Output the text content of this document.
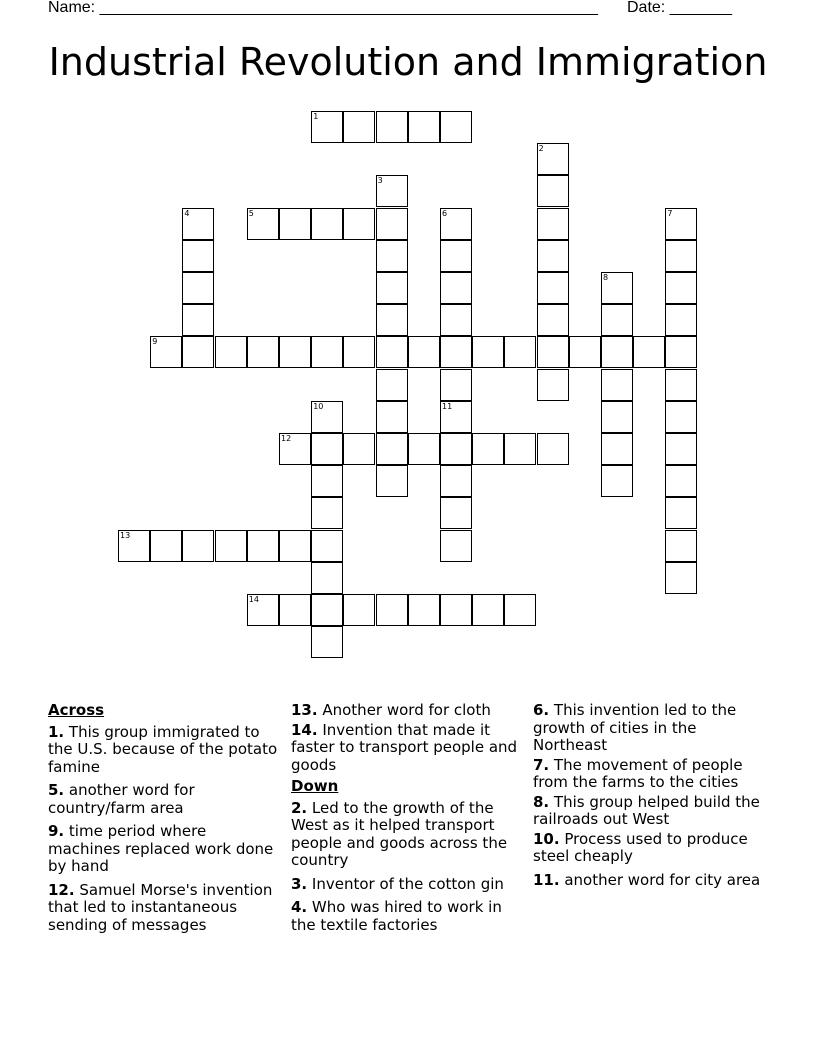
Name: ________________________________________________________ Date: _______
Industrial Revolution and Immigration
1
2
3
4	5	6	7
8
9
10	11
12
13
14
Across
1. This group immigrated to the U.S. because of the potato famine
5. another word for country/farm area
9. time period where machines replaced work done by hand
12. Samuel Morse's invention that led to instantaneous sending of messages
13. Another word for cloth
14. Invention that made it faster to transport people and goods
Down
2. Led to the growth of the West as it helped transport people and goods across the country
3. Inventor of the cotton gin
4. Who was hired to work in the textile factories
6. This invention led to the growth of cities in the Northeast
7. The movement of people from the farms to the cities
8. This group helped build the railroads out West
10. Process used to produce steel cheaply
11. another word for city area
